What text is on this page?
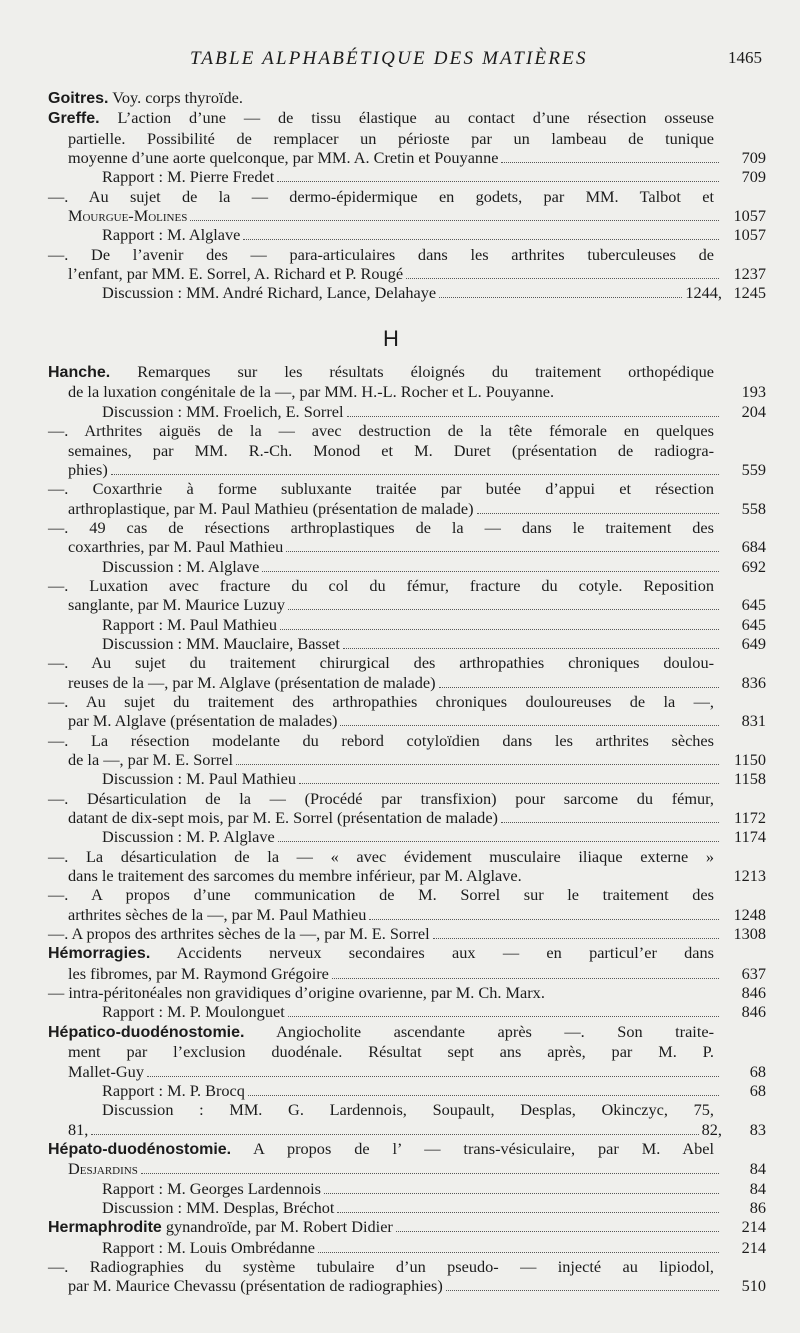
TABLE ALPHABÉTIQUE DES MATIÈRES	1465
Goitres. Voy. corps thyroïde.
Greffe. L’action d’une — de tissu élastique au contact d’une résection osseuse
partielle. Possibilité de remplacer un périoste par un lambeau de tunique
moyenne d’une aorte quelconque, par MM. A. Cretin et Pouyanne	709
Rapport : M. Pierre Fredet	709
—. Au sujet de la — dermo-épidermique en godets, par MM. Talbot et
Mourgue-Molines	1057
Rapport : M. Alglave	1057
—. De l’avenir des — para-articulaires dans les arthrites tuberculeuses de
l’enfant, par MM. E. Sorrel, A. Richard et P. Rougé	1237
Discussion : MM. André Richard, Lance, Delahaye	1244, 1245
H
Hanche. Remarques sur les résultats éloignés du traitement orthopédique
de la luxation congénitale de la —, par MM. H.-L. Rocher et L. Pouyanne.	193
Discussion : MM. Froelich, E. Sorrel	204
—. Arthrites aiguës de la — avec destruction de la tête fémorale en quelques
semaines, par MM. R.-Ch. Monod et M. Duret (présentation de radiogra-
phies)	559
—. Coxarthrie à forme subluxante traitée par butée d’appui et résection
arthroplastique, par M. Paul Mathieu (présentation de malade)	558
—. 49 cas de résections arthroplastiques de la — dans le traitement des
coxarthries, par M. Paul Mathieu	684
Discussion : M. Alglave	692
—. Luxation avec fracture du col du fémur, fracture du cotyle. Reposition
sanglante, par M. Maurice Luzuy	645
Rapport : M. Paul Mathieu	645
Discussion : MM. Mauclaire, Basset	649
—. Au sujet du traitement chirurgical des arthropathies chroniques doulou-
reuses de la —, par M. Alglave (présentation de malade)	836
—. Au sujet du traitement des arthropathies chroniques douloureuses de la —,
par M. Alglave (présentation de malades)	831
—. La résection modelante du rebord cotyloïdien dans les arthrites sèches
de la —, par M. E. Sorrel	1150
Discussion : M. Paul Mathieu	1158
—. Désarticulation de la — (Procédé par transfixion) pour sarcome du fémur,
datant de dix-sept mois, par M. E. Sorrel (présentation de malade)	1172
Discussion : M. P. Alglave	1174
—. La désarticulation de la — « avec évidement musculaire iliaque externe »
dans le traitement des sarcomes du membre inférieur, par M. Alglave.	1213
—. A propos d’une communication de M. Sorrel sur le traitement des
arthrites sèches de la —, par M. Paul Mathieu	1248
—. A propos des arthrites sèches de la —, par M. E. Sorrel	1308
Hémorragies. Accidents nerveux secondaires aux — en particul’er dans
les fibromes, par M. Raymond Grégoire	637
— intra-péritonéales non gravidiques d’origine ovarienne, par M. Ch. Marx.	846
Rapport : M. P. Moulonguet	846
Hépatico-duodénostomie. Angiocholite ascendante après —. Son traite-
ment par l’exclusion duodénale. Résultat sept ans après, par M. P.
Mallet-Guy	68
Rapport : M. P. Brocq	68
Discussion : MM. G. Lardennois, Soupault, Desplas, Okinczyc, 75,
81,	82,	83
Hépato-duodénostomie. A propos de l’ — trans-vésiculaire, par M. Abel
Desjardins	84
Rapport : M. Georges Lardennois	84
Discussion : MM. Desplas, Bréchot	86
Hermaphrodite gynandroïde, par M. Robert Didier	214
Rapport : M. Louis Ombrédanne	214
—. Radiographies du système tubulaire d’un pseudo- — injecté au lipiodol,
par M. Maurice Chevassu (présentation de radiographies)	510
